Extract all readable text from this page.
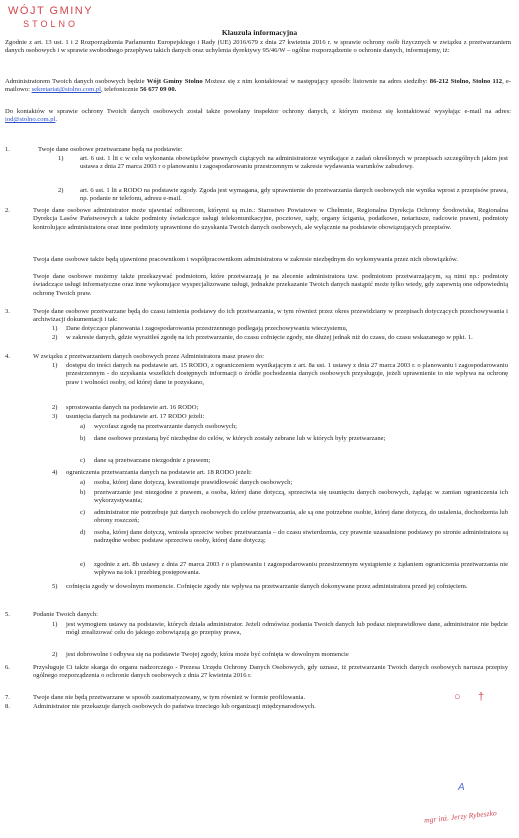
WÓJT GMINY
STOLNO
Klauzula informacyjna
Zgodnie z art. 13 ust. 1 i 2 Rozporządzenia Parlamentu Europejskiego i Rady (UE) 2016/679 z dnia 27 kwietnia 2016 r. w sprawie ochrony osób fizycznych w związku z przetwarzaniem danych osobowych i w sprawie swobodnego przepływu takich danych oraz uchylenia dyrektywy 95/46/W – ogólne rozporządzenie o ochronie danych, informujemy, iż:
Administratorem Twoich danych osobowych będzie Wójt Gminy Stolno Możesz się z nim kontaktować w następujący sposób: listownie na adres siedziby: 86-212 Stolno, Stolno 112, e-mailowo: sekretariat@stolno.com.pl, telefonicznie 56 677 09 00.
Do kontaktów w sprawie ochrony Twoich danych osobowych został także powołany inspektor ochrony danych, z którym możesz się kontaktować wysyłając e-mail na adres: iod@stolno.com.pl.
1.	Twoje dane osobowe przetwarzane będą na podstawie:
1)	art. 6 ust. 1 lit c w celu wykonania obowiązków prawnych ciążących na administratorze wynikające z zadań określonych w przepisach szczególnych jakim jest ustawa z dnia 27 marca 2003 r o planowaniu i zagospodarowaniu przestrzennym w zakresie wydawania warunków zabudowy.
2)	art. 6 ust. 1 lit a RODO na podstawie zgody. Zgoda jest wymagana, gdy uprawnienie do przetwarzania danych osobowych nie wynika wprost z przepisów prawa, np. podanie nr telefonu, adresu e-mail.
2.	Twoje dane osobowe administrator może ujawniać odbiorcom, którymi są m.in.: Starostwo Powiatowe w Chełmnie, Regionalna Dyrekcja Ochrony Środowiska, Regionalna Dyrekcja Lasów Państwowych a także podmioty świadczące usługi telekomunikacyjne, pocztowe, sądy, organy ścigania, podatkowe, notariusze, radcowie prawni, podmioty kontrolujące administratora oraz inne podmioty uprawnione do uzyskania Twoich danych osobowych, ale wyłącznie na podstawie obowiązujących przepisów.
Twoja dane osobowe także będą ujawnione pracownikom i współpracownikom administratora w zakresie niezbędnym do wykonywania przez nich obowiązków.
Twoje dane osobowe możemy także przekazywać podmiotom, które przetwarzają je na zlecenie administratora tzw. podmiotom przetwarzającym, są nimi np.: podmioty świadczące usługi informatyczne oraz inne wykonujące wyspecjalizowane usługi, jednakże przekazanie Twoich danych nastąpić może tylko wtedy, gdy zapewnią one odpowiednią ochronę Twoich praw.
3.	Twoje dane osobowe przetwarzane będą do czasu istnienia podstawy do ich przetwarzania, w tym również przez okres przewidziany w przepisach dotyczących przechowywania i archiwizacji dokumentacji i tak:
1) Dane dotyczące planowania i zagospodarowania przestrzennego podlegają przechowywaniu wieczystemu,
2) w zakresie danych, gdzie wyrażiłeś zgodę na ich przetwarzanie, do czasu cofnięcie zgody, nie dłużej jednak niż do czasu, do czasu wskazanego w ppkt. 1.
4.	W związku z przetwarzaniem danych osobowych przez Administratora masz prawo do:
1) dostępu do treści danych na podstawie art. 15 RODO, z ograniczeniem wynikającym z art. 8a ust. 1 ustawy z dnia 27 marca 2003 r. o planowaniu i zagospodarowaniu przestrzennym - do uzyskania wszelkich dostępnych informacji o źródle pochodzenia danych osobowych przysługuje, jeżeli uprawnienie to nie wpływa na ochronę praw i wolności osoby, od której dane te pozyskano,
2) sprostowania danych na podstawie art. 16 RODO;
3) usunięcia danych na podstawie art. 17 RODO jeżeli:
a) wycofasz zgodę na przetwarzanie danych osobowych;
b) dane osobowe przestaną być niezbędne do celów, w których zostały zebrane lub w których były przetwarzane;
c) dane są przetwarzane niezgodnie z prawem;
4) ograniczenia przetwarzania danych na podstawie art. 18 RODO jeżeli:
a) osoba, której dane dotyczą, kwestionuje prawidłowość danych osobowych;
b) przetwarzanie jest niezgodne z prawem, a osoba, której dane dotyczą, sprzeciwia się usunięciu danych osobowych, żądając w zamian ograniczenia ich wykorzystywania;
c) administrator nie potrzebuje już danych osobowych do celów przetwarzania, ale są one potrzebne osobie, której dane dotyczą, do ustalenia, dochodzenia lub obrony roszczeń;
d) osoba, której dane dotyczą, wniosła sprzeciw wobec przetwarzania – do czasu stwierdzenia, czy prawnie uzasadnione podstawy po stronie administratora są nadrzędne wobec podstaw sprzeciwu osoby, której dane dotyczą;
e) zgodnie z art. 8b ustawy z dnia 27 marca 2003 r o planowaniu i zagospodarowaniu przestrzennym wystąpienie z żądaniem ograniczenia przetwarzania nie wpływa na tok i przebieg postępowania.
5) cofnięcia zgody w dowolnym momencie. Cofnięcie zgody nie wpływa na przetwarzanie danych dokonywane przez administratora przed jej cofnięciem.
5.	Podanie Twoich danych:
1) jest wymogiem ustawy na podstawie, których działa administrator. Jeżeli odmówisz podania Twoich danych lub podasz nieprawidłowe dane, administrator nie będzie mógł zrealizować celu do jakiego zobowiązują go przepisy prawa,
2) jest dobrowolne i odbywa się na podstawie Twojej zgody, która może być cofnięta w dowolnym momencie
6.	Przysługuje Ci także skarga do organu nadzorczego - Prezesa Urzędu Ochrony Danych Osobowych, gdy uznasz, iż przetwarzanie Twoich danych osobowych narusza przepisy ogólnego rozporządzenia o ochronie danych osobowych z dnia 27 kwietnia 2016 r.
7.	Twoje dane nie będą przetwarzane w sposób zautomatyzowany, w tym również w formie profilowania.
8.	Administrator nie przekazuje danych osobowych do państwa trzeciego lub organizacji międzynarodowych.
○ †
A
mgr inż. Jerzy Rybeszko
